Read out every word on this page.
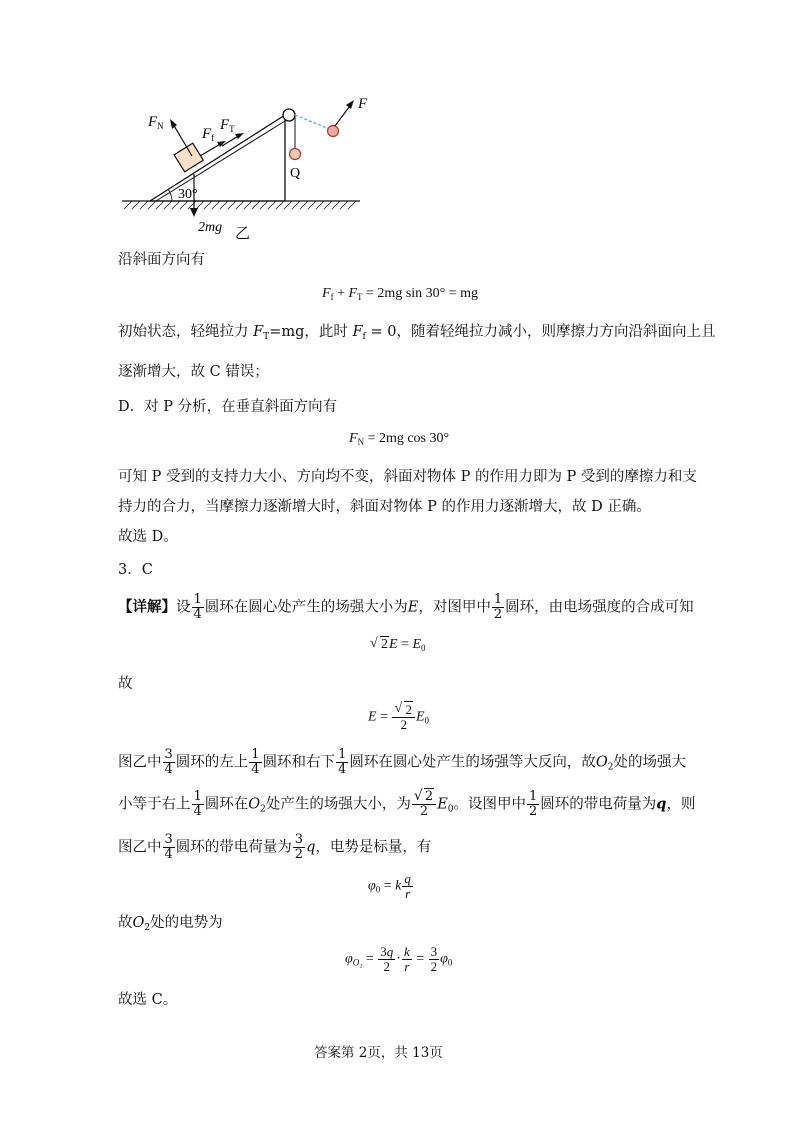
$F_N$	$F_f$
$F_T$
F
30°
Q
2mg 乙
沿斜面方向有
$F_f + F_T = 2mg$ sin 30° = mg
初始状态，轻绳拉力 $F_T=mg$，此时 $F_f = 0$，随着轻绳拉力减小，则摩擦力方向沿斜面向上且
逐渐增大，故 C 错误；
D．对 P 分析，在垂直斜面方向有
$F_N = 2mg$ cos 30°
可知 P 受到的支持力大小、方向均不变，斜面对物体 P 的作用力即为 P 受到的摩擦力和支
持力的合力，当摩擦力逐渐增大时，斜面对物体 P 的作用力逐渐增大，故 D 正确。
故选 D。
3．C
【详解】设 $\frac{1}{4}$ 圆环在圆心处产生的场强大小为E，对图甲中 $\frac{1}{2}$ 圆环，由电场强度的合成可知
√ $2E = E_0$
故
E = √ $\frac{2}{2} E_0$
图乙中 $\frac{3}{4}$ 圆环的左上 $\frac{1}{4}$ 圆环和右下 $\frac{1}{4}$ 圆环在圆心处产生的场强等大反向，故$O_2$处的场强大
小等于右上 $\frac{1}{4}$ 圆环在$O_2$处产生的场强大小，为 √ $\frac{2}{2} E_0$。设图甲中 $\frac{1}{2}$ 圆环的带电荷量为q，则
图乙中 $\frac{3}{4}$ 圆环的带电荷量为 $\frac{3}{2}$ q，电势是标量，有
$\varphi_0 = k \frac{q}{r}$
故$O_2$处的电势为
$\varphi_{O_2} = \frac{3q}{2} \cdot \frac{k}{r} = \frac{3}{2} \varphi_0$
故选 C。
答案第 2页，共 13页
